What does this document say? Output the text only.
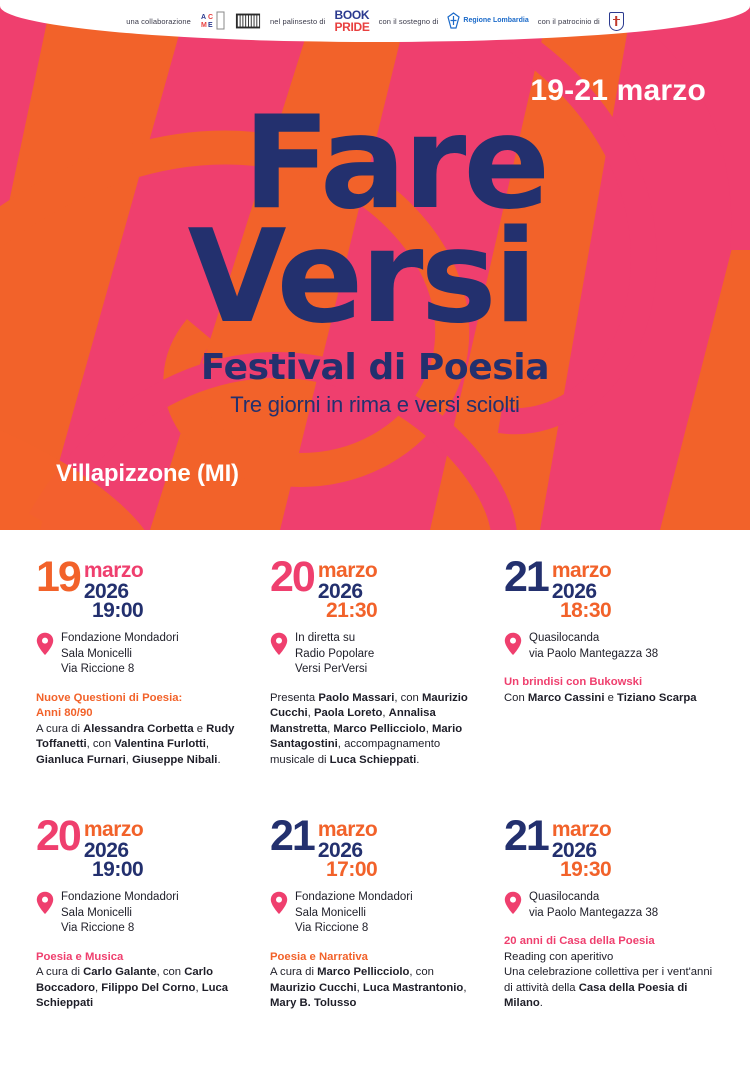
una collaborazione A C
M E	nel palinsesto di BOOK
PRIDE con il sostegno di	Regione Lombardia con il patrocinio di
19-21 marzo
Fare
Versi
Festival di Poesia
Tre giorni in rima e versi sciolti
Villapizzone (MI)
19 marzo
2026
19:00
Fondazione Mondadori
Sala Monicelli
Via Riccione 8
Nuove Questioni di Poesia:
Anni 80/90
A cura di Alessandra Corbetta e Rudy Toffanetti, con Valentina Furlotti, Gianluca Furnari, Giuseppe Nibali.
20 marzo
2026
21:30
In diretta su
Radio Popolare
Versi PerVersi
Presenta Paolo Massari, con Maurizio Cucchi, Paola Loreto, Annalisa Manstretta, Marco Pellicciolo, Mario Santagostini, accompagnamento musicale di Luca Schieppati.
21 marzo
2026
18:30
Quasilocanda
via Paolo Mantegazza 38
Un brindisi con Bukowski
Con Marco Cassini e Tiziano Scarpa
20 marzo
2026
19:00
Fondazione Mondadori
Sala Monicelli
Via Riccione 8
Poesia e Musica
A cura di Carlo Galante, con Carlo Boccadoro, Filippo Del Corno, Luca Schieppati
21 marzo
2026
17:00
Fondazione Mondadori
Sala Monicelli
Via Riccione 8
Poesia e Narrativa
A cura di Marco Pellicciolo, con Maurizio Cucchi, Luca Mastrantonio, Mary B. Tolusso
21 marzo
2026
19:30
Quasilocanda
via Paolo Mantegazza 38
20 anni di Casa della Poesia
Reading con aperitivo
Una celebrazione collettiva per i vent'anni di attività della Casa della Poesia di Milano.
